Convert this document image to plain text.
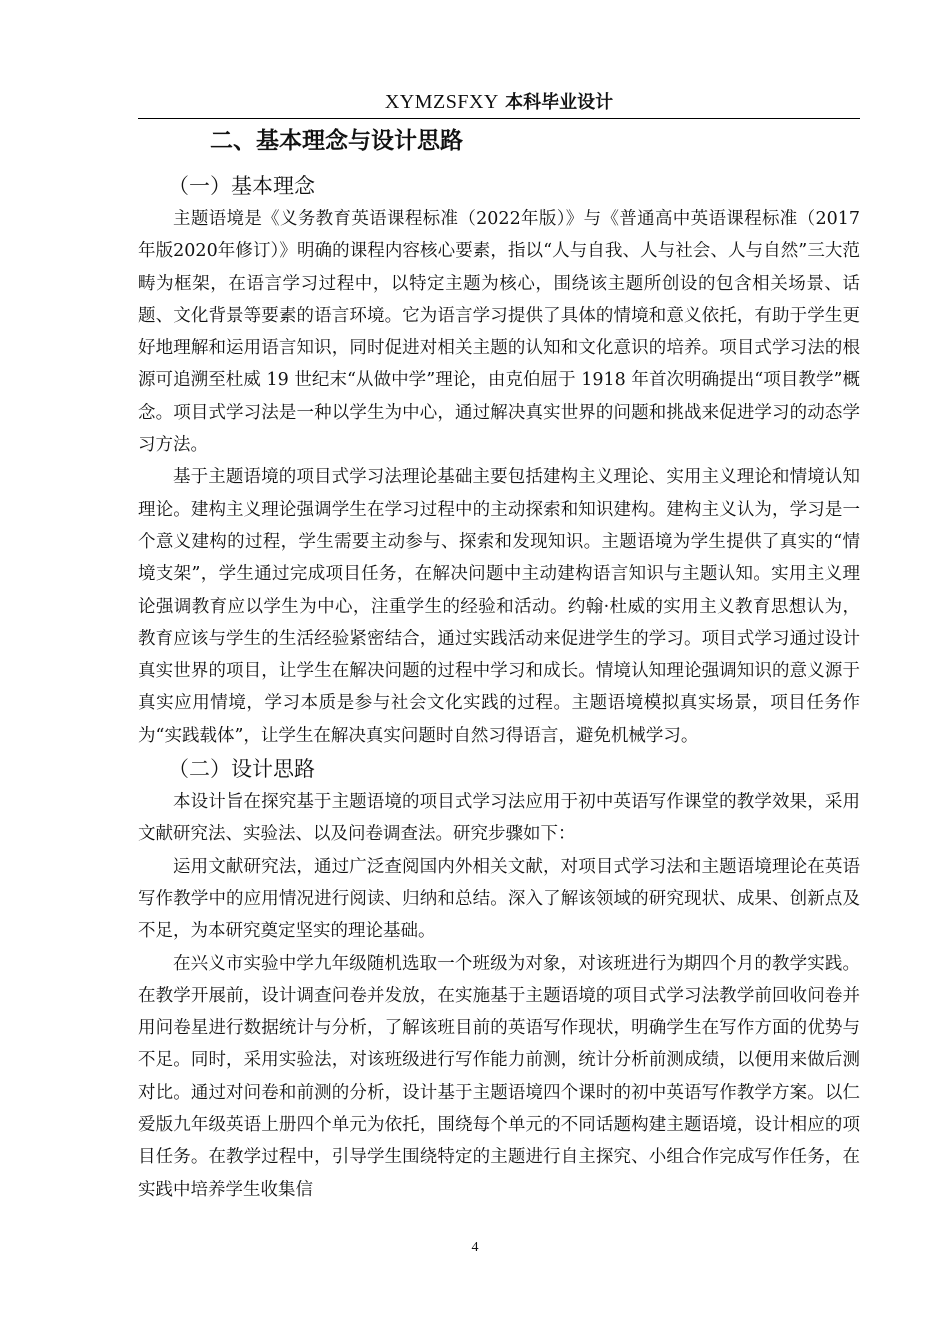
XYMZSFXY 本科毕业设计
二、基本理念与设计思路
（一）基本理念

主题语境是《义务教育英语课程标准（2022年版）》与《普通高中英语课程标准（2017年版2020年修订）》明确的课程内容核心要素，指以“人与自我、人与社会、人与自然”三大范畴为框架，在语言学习过程中，以特定主题为核心，围绕该主题所创设的包含相关场景、话题、文化背景等要素的语言环境。它为语言学习提供了具体的情境和意义依托，有助于学生更好地理解和运用语言知识，同时促进对相关主题的认知和文化意识的培养。项目式学习法的根源可追溯至杜威 19 世纪末“从做中学”理论，由克伯屈于 1918 年首次明确提出“项目教学”概念。项目式学习法是一种以学生为中心，通过解决真实世界的问题和挑战来促进学习的动态学习方法。

基于主题语境的项目式学习法理论基础主要包括建构主义理论、实用主义理论和情境认知理论。建构主义理论强调学生在学习过程中的主动探索和知识建构。建构主义认为，学习是一个意义建构的过程，学生需要主动参与、探索和发现知识。主题语境为学生提供了真实的“情境支架”，学生通过完成项目任务，在解决问题中主动建构语言知识与主题认知。实用主义理论强调教育应以学生为中心，注重学生的经验和活动。约翰·杜威的实用主义教育思想认为，教育应该与学生的生活经验紧密结合，通过实践活动来促进学生的学习。项目式学习通过设计真实世界的项目，让学生在解决问题的过程中学习和成长。情境认知理论强调知识的意义源于真实应用情境，学习本质是参与社会文化实践的过程。主题语境模拟真实场景，项目任务作为“实践载体”，让学生在解决真实问题时自然习得语言，避免机械学习。

（二）设计思路

本设计旨在探究基于主题语境的项目式学习法应用于初中英语写作课堂的教学效果，采用文献研究法、实验法、以及问卷调查法。研究步骤如下：

运用文献研究法，通过广泛查阅国内外相关文献，对项目式学习法和主题语境理论在英语写作教学中的应用情况进行阅读、归纳和总结。深入了解该领域的研究现状、成果、创新点及不足，为本研究奠定坚实的理论基础。

在兴义市实验中学九年级随机选取一个班级为对象，对该班进行为期四个月的教学实践。在教学开展前，设计调查问卷并发放，在实施基于主题语境的项目式学习法教学前回收问卷并用问卷星进行数据统计与分析，了解该班目前的英语写作现状，明确学生在写作方面的优势与不足。同时，采用实验法，对该班级进行写作能力前测，统计分析前测成绩，以便用来做后测对比。通过对问卷和前测的分析，设计基于主题语境四个课时的初中英语写作教学方案。以仁爱版九年级英语上册四个单元为依托，围绕每个单元的不同话题构建主题语境，设计相应的项目任务。在教学过程中，引导学生围绕特定的主题进行自主探究、小组合作完成写作任务，在实践中培养学生收集信

4
